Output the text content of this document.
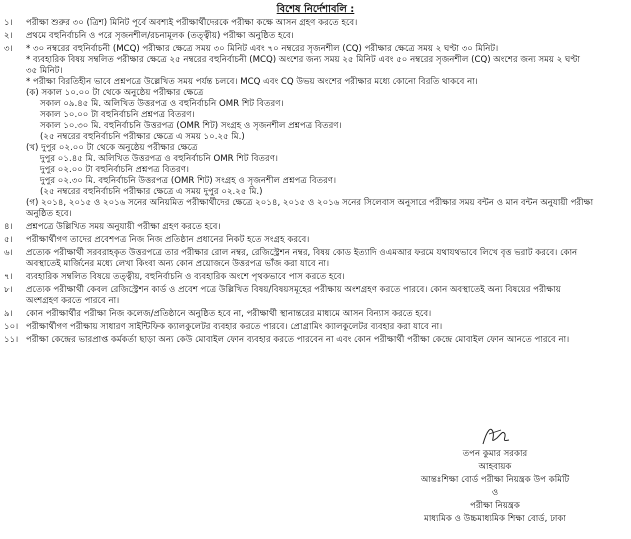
বিশেষ নির্দেশাবলি :
১।	পরীক্ষা শুরুর ৩০ (ত্রিশ) মিনিট পূর্বে অবশ্যই পরীক্ষার্থীদেরকে পরীক্ষা কক্ষে আসন গ্রহণ করতে হবে।
২।	প্রথমে বহুনির্বাচনি ও পরে সৃজনশীল/রচনামূলক (তত্ত্বীয়) পরীক্ষা অনুষ্ঠিত হবে।
৩।	* ৩০ নম্বরের বহুনির্বাচনী (MCQ) পরীক্ষার ক্ষেত্রে সময় ৩০ মিনিট এবং ৭০ নম্বরের সৃজনশীল (CQ) পরীক্ষার ক্ষেত্রে সময় ২ ঘণ্টা ৩০ মিনিট।
* ব্যবহারিক বিষয় সম্বলিত পরীক্ষার ক্ষেত্রে ২৫ নম্বরের বহুনির্বাচনী (MCQ) অংশের জন্য সময় ২৫ মিনিট এবং ৫০ নম্বরের সৃজনশীল (CQ) অংশের জন্য সময় ২ ঘণ্টা
৩৫ মিনিট।
* পরীক্ষা বিরতিহীন ভাবে প্রশ্নপত্রে উল্লেখিত সময় পর্যন্ত চলবে। MCQ এবং CQ উভয় অংশের পরীক্ষার মধ্যে কোনো বিরতি থাকবে না।
(ক) সকাল ১০.০০ টা থেকে অনুষ্ঠেয় পরীক্ষার ক্ষেত্রে
সকাল ০৯.৪৫ মি. অলিখিত উত্তরপত্র ও বহুনির্বাচনি OMR শিট বিতরণ।
সকাল ১০.০০ টা বহুনির্বাচনি প্রশ্নপত্র বিতরণ।
সকাল ১০.৩০ মি. বহুনির্বাচনি উত্তরপত্র (OMR শিট) সংগ্রহ ও সৃজনশীল প্রশ্নপত্র বিতরণ।
(২৫ নম্বরের বহুনির্বাচনি পরীক্ষার ক্ষেত্রে এ সময় ১০.২৫ মি.)
(খ) দুপুর ০২.০০ টা থেকে অনুষ্ঠেয় পরীক্ষার ক্ষেত্রে
দুপুর ০১.৪৫ মি. অলিখিত উত্তরপত্র ও বহুনির্বাচনি OMR শিট বিতরণ।
দুপুর ০২.০০ টা বহুনির্বাচনি প্রশ্নপত্র বিতরণ।
দুপুর ০২.৩০ মি. বহুনির্বাচনি উত্তরপত্র (OMR শিট) সংগ্রহ ও সৃজনশীল প্রশ্নপত্র বিতরণ।
(২৫ নম্বরের বহুনির্বাচনি পরীক্ষার ক্ষেত্রে এ সময় দুপুর ০২.২৫ মি.)
(গ) ২০১৪, ২০১৫ ও ২০১৬ সনের অনিয়মিত পরীক্ষার্থীদের ক্ষেত্রে ২০১৪, ২০১৫ ও ২০১৬ সনের সিলেবাস অনুসারে পরীক্ষার সময় বন্টন ও মান বন্টন অনুযায়ী পরীক্ষা
অনুষ্ঠিত হবে।
৪।	প্রশ্নপত্রে উল্লিখিত সময় অনুযায়ী পরীক্ষা গ্রহণ করতে হবে।
৫।	পরীক্ষার্থীগণ তাদের প্রবেশপত্র নিজ নিজ প্রতিষ্ঠান প্রধানের নিকট হতে সংগ্রহ করবে।
৬।	প্রত্যেক পরীক্ষার্থী সরবরাহকৃত উত্তরপত্রে তার পরীক্ষার রোল নম্বর, রেজিস্ট্রেশন নম্বর, বিষয় কোড ইত্যাদি ওএমআর ফরমে যথাযথভাবে লিখে বৃত্ত ভরাট করবে। কোন
অবস্থাতেই মার্জিনের মধ্যে লেখা কিংবা অন্য কোন প্রয়োজনে উত্তরপত্র ভাঁজ করা যাবে না।
৭।	ব্যবহারিক সম্বলিত বিষয়ে তত্ত্বীয়, বহুনির্বাচনি ও ব্যবহারিক অংশে পৃথকভাবে পাস করতে হবে।
৮।	প্রত্যেক পরীক্ষার্থী কেবল রেজিস্ট্রেশন কার্ড ও প্রবেশ পত্রে উল্লিখিত বিষয়/বিষয়সমূহের পরীক্ষায় অংশগ্রহণ করতে পারবে। কোন অবস্থাতেই অন্য বিষয়ের পরীক্ষায়
অংশগ্রহণ করতে পারবে না।
৯।	কোন পরীক্ষার্থীর পরীক্ষা নিজ কলেজ/প্রতিষ্ঠানে অনুষ্ঠিত হবে না, পরীক্ষার্থী স্থানান্তরের মাধ্যমে আসন বিন্যাস করতে হবে।
১০। পরীক্ষার্থীগণ পরীক্ষায় সাধারণ সাইন্টিফিক ক্যালকুলেটর ব্যবহার করতে পারবে। প্রোগ্রামিং ক্যালকুলেটর ব্যবহার করা যাবে না।
১১। পরীক্ষা কেন্দ্রের ভারপ্রাপ্ত কর্মকর্তা ছাড়া অন্য কেউ মোবাইল ফোন ব্যবহার করতে পারবেন না এবং কোন পরীক্ষার্থী পরীক্ষা কেন্দ্রে মোবাইল ফোন আনতে পারবে না।
তপন কুমার সরকার
আহবায়ক
আন্তঃশিক্ষা বোর্ড পরীক্ষা নিয়ন্ত্রক উপ কমিটি
ও
পরীক্ষা নিয়ন্ত্রক
মাধ্যমিক ও উচ্চমাধ্যমিক শিক্ষা বোর্ড, ঢাকা
